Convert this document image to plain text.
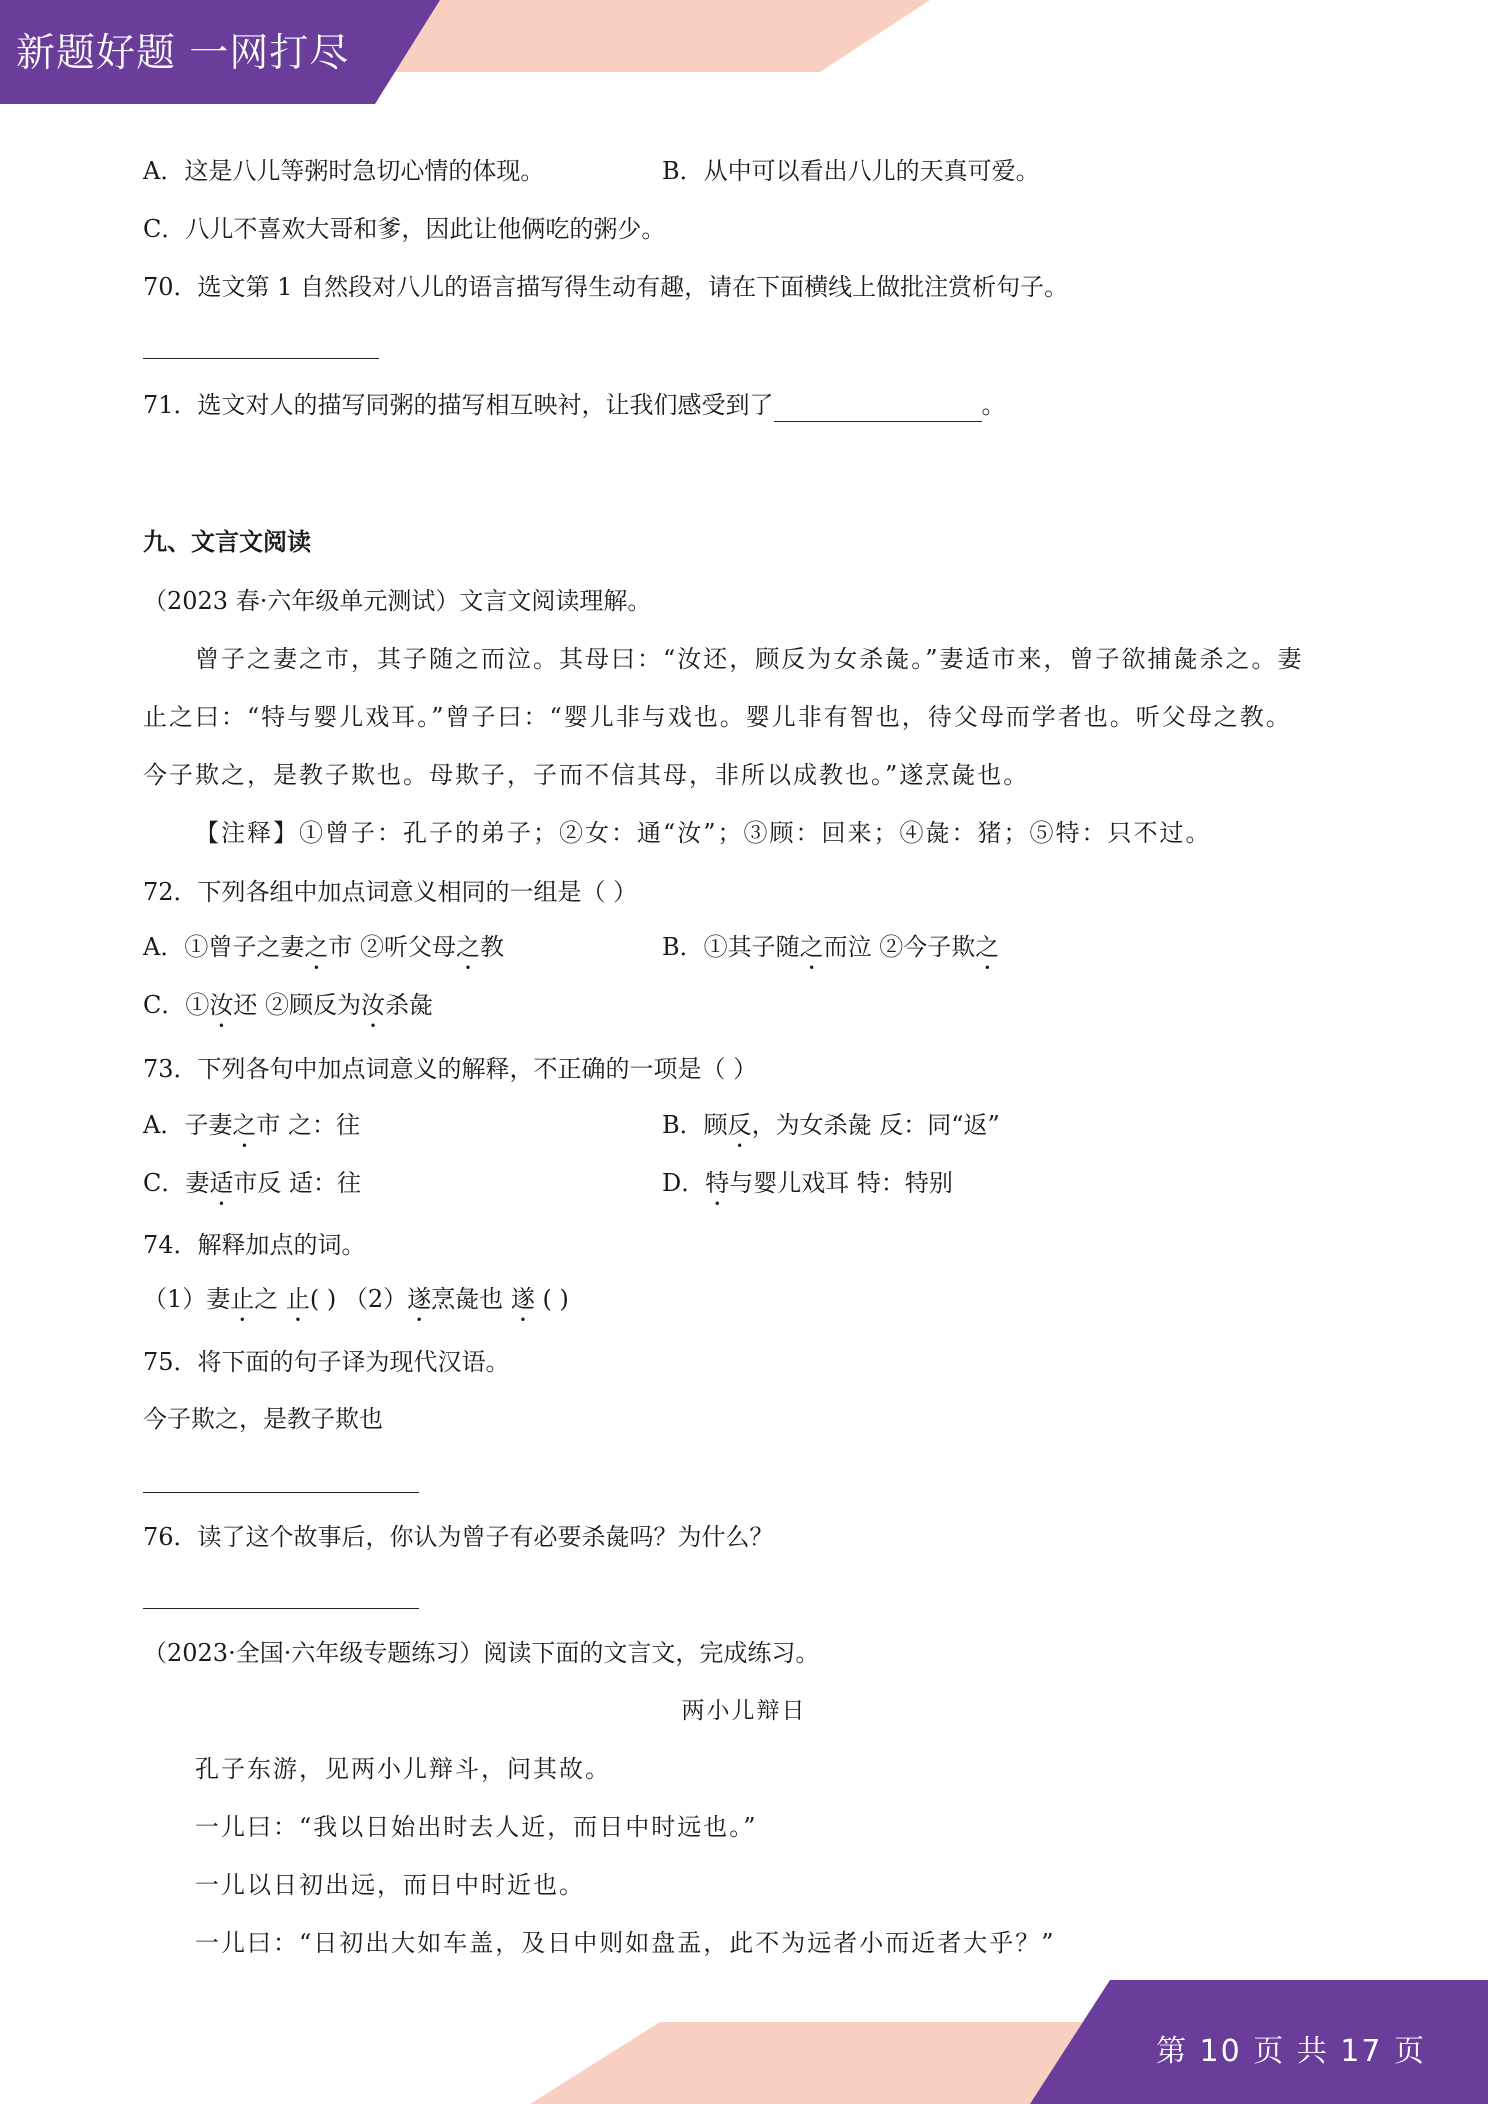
新题好题 一网打尽
A．这是八儿等粥时急切心情的体现。	B．从中可以看出八儿的天真可爱。
C．八儿不喜欢大哥和爹，因此让他俩吃的粥少。
70．选文第 1 自然段对八儿的语言描写得生动有趣，请在下面横线上做批注赏析句子。
71．选文对人的描写同粥的描写相互映衬，让我们感受到了	。
九、文言文阅读
（2023 春·六年级单元测试）文言文阅读理解。
曾子之妻之市，其子随之而泣。其母曰：“汝还，顾反为女杀彘。”妻适市来，曾子欲捕彘杀之。妻
止之曰：“特与婴儿戏耳。”曾子曰：“婴儿非与戏也。婴儿非有智也，待父母而学者也。听父母之教。
今子欺之，是教子欺也。母欺子，子而不信其母，非所以成教也。”遂烹彘也。
【注释】①曾子：孔子的弟子；②女：通“汝”；③顾：回来；④彘：猪；⑤特：只不过。
72．下列各组中加点词意义相同的一组是（ ）
A．①曾子之妻之市 ②听父母之教	B．①其子随之而泣 ②今子欺之
C．①汝还 ②顾反为汝杀彘
73．下列各句中加点词意义的解释，不正确的一项是（ ）
A．子妻之市 之：往	B．顾反，为女杀彘 反：同“返”
C．妻适市反 适：往	D．特与婴儿戏耳 特：特别
74．解释加点的词。
（1）妻止之 止( ) （2）遂烹彘也 遂 ( )
75．将下面的句子译为现代汉语。
今子欺之，是教子欺也
76．读了这个故事后，你认为曾子有必要杀彘吗？为什么？
（2023·全国·六年级专题练习）阅读下面的文言文，完成练习。
两小儿辩日
孔子东游，见两小儿辩斗，问其故。
一儿曰：“我以日始出时去人近，而日中时远也。”
一儿以日初出远，而日中时近也。
一儿曰：“日初出大如车盖，及日中则如盘盂，此不为远者小而近者大乎？”
第 10 页 共 17 页
